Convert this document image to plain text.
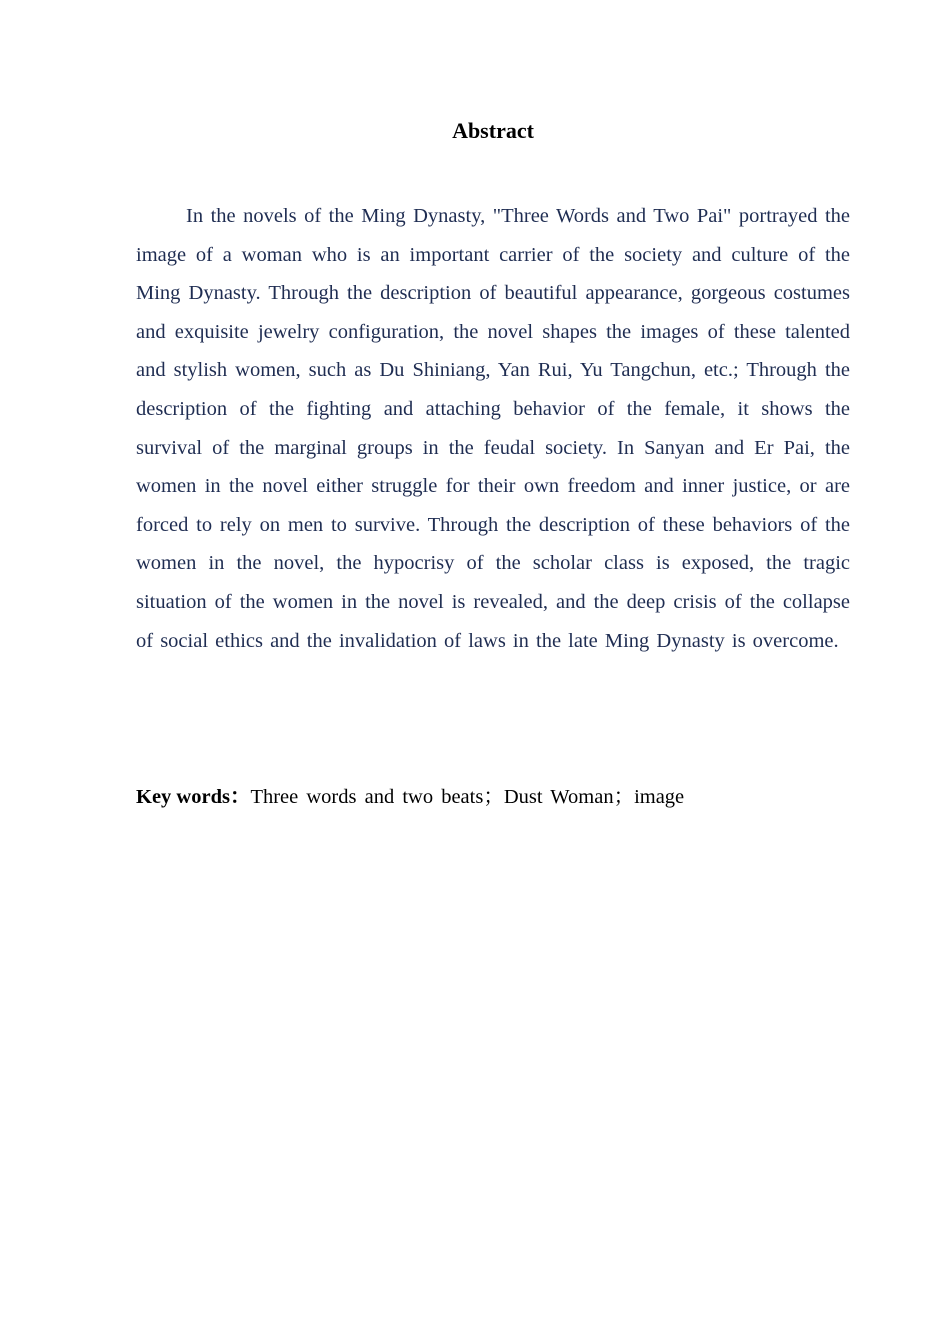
Abstract

In the novels of the Ming Dynasty, "Three Words and Two Pai" portrayed the image of a woman who is an important carrier of the society and culture of the Ming Dynasty. Through the description of beautiful appearance, gorgeous costumes and exquisite jewelry configuration, the novel shapes the images of these talented and stylish women, such as Du Shiniang, Yan Rui, Yu Tangchun, etc.; Through the description of the fighting and attaching behavior of the female, it shows the survival of the marginal groups in the feudal society. In Sanyan and Er Pai, the women in the novel either struggle for their own freedom and inner justice, or are forced to rely on men to survive. Through the description of these behaviors of the women in the novel, the hypocrisy of the scholar class is exposed, the tragic situation of the women in the novel is revealed, and the deep crisis of the collapse of social ethics and the invalidation of laws in the late Ming Dynasty is overcome.

Key words：Three words and two beats；Dust Woman；image
